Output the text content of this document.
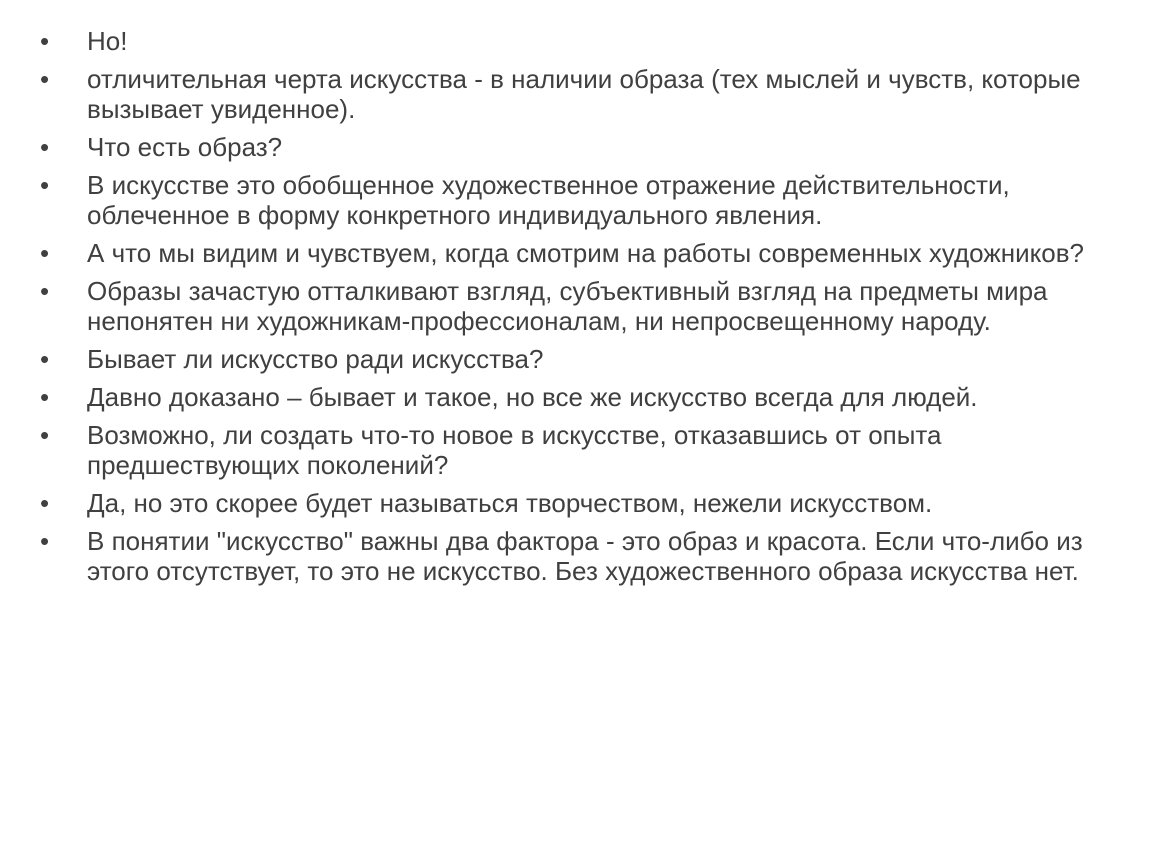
•	Но!
•	отличительная черта искусства - в наличии образа (тех мыслей и чувств, которые вызывает увиденное).
•	Что есть образ?
•	В искусстве это обобщенное художественное отражение действительности, облеченное в форму конкретного индивидуального явления.
•	А что мы видим и чувствуем, когда смотрим на работы современных художников?
•	Образы зачастую отталкивают взгляд, субъективный взгляд на предметы мира непонятен ни художникам-профессионалам, ни непросвещенному народу.
•	Бывает ли искусство ради искусства?
•	Давно доказано – бывает и такое, но все же искусство всегда для людей.
•	Возможно, ли создать что-то новое в искусстве, отказавшись от опыта предшествующих поколений?
•	Да, но это скорее будет называться творчеством, нежели искусством.
•	В понятии "искусство" важны два фактора - это образ и красота. Если что-либо из этого отсутствует, то это не искусство. Без художественного образа искусства нет.
